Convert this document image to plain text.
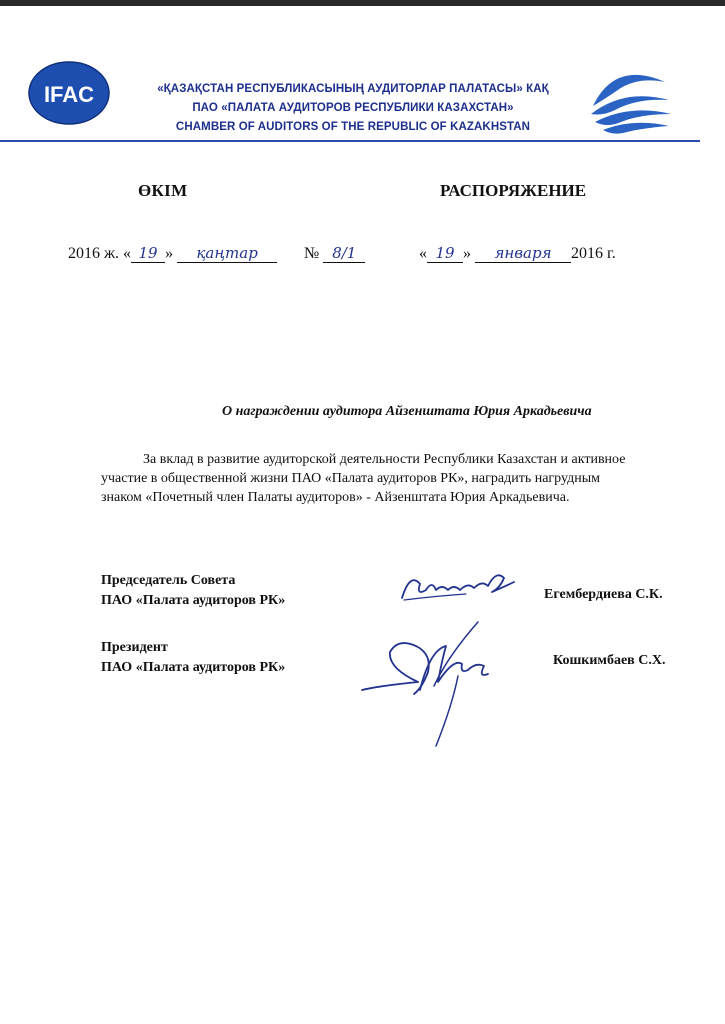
IFAC	«ҚАЗАҚСТАН РЕСПУБЛИКАСЫНЫҢ АУДИТОРЛАР ПАЛАТАСЫ» КАҚ
ПАО «ПАЛАТА АУДИТОРОВ РЕСПУБЛИКИ КАЗАХСТАН»
CHAMBER OF AUDITORS OF THE REPUBLIC OF KAZAKHSTAN
ӨКІМ	РАСПОРЯЖЕНИЕ
2016 ж. « 19 » қаңтар	№ 8/1	« 19 » января 2016 г.
О награждении аудитора Айзенштата Юрия Аркадьевича
За вклад в развитие аудиторской деятельности Республики Казахстан и активное
участие в общественной жизни ПАО «Палата аудиторов РК», наградить нагрудным
знаком «Почетный член Палаты аудиторов» - Айзенштата Юрия Аркадьевича.
Председатель Совета
ПАО «Палата аудиторов РК»	Егембердиева С.К.
Президент
ПАО «Палата аудиторов РК»	Кошкимбаев С.Х.
